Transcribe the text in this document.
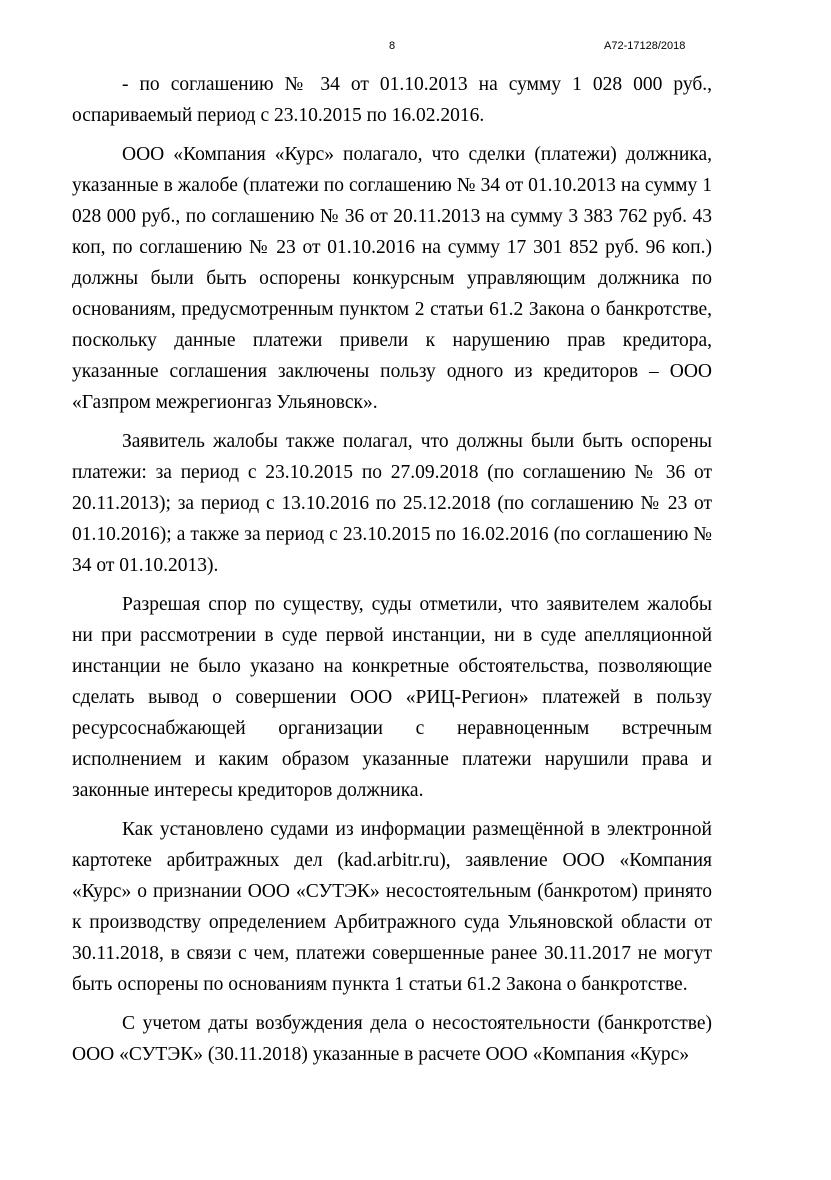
8	А72-17128/2018

- по соглашению № 34 от 01.10.2013 на сумму 1 028 000 руб., оспариваемый период с 23.10.2015 по 16.02.2016.

ООО «Компания «Курс» полагало, что сделки (платежи) должника, указанные в жалобе (платежи по соглашению № 34 от 01.10.2013 на сумму 1 028 000 руб., по соглашению № 36 от 20.11.2013 на сумму 3 383 762 руб. 43 коп, по соглашению № 23 от 01.10.2016 на сумму 17 301 852 руб. 96 коп.) должны были быть оспорены конкурсным управляющим должника по основаниям, предусмотренным пунктом 2 статьи 61.2 Закона о банкротстве, поскольку данные платежи привели к нарушению прав кредитора, указанные соглашения заключены пользу одного из кредиторов – ООО «Газпром межрегионгаз Ульяновск».

Заявитель жалобы также полагал, что должны были быть оспорены платежи: за период с 23.10.2015 по 27.09.2018 (по соглашению № 36 от 20.11.2013); за период с 13.10.2016 по 25.12.2018 (по соглашению № 23 от 01.10.2016); а также за период с 23.10.2015 по 16.02.2016 (по соглашению № 34 от 01.10.2013).

Разрешая спор по существу, суды отметили, что заявителем жалобы ни при рассмотрении в суде первой инстанции, ни в суде апелляционной инстанции не было указано на конкретные обстоятельства, позволяющие сделать вывод о совершении ООО «РИЦ-Регион» платежей в пользу ресурсоснабжающей организации с неравноценным встречным исполнением и каким образом указанные платежи нарушили права и законные интересы кредиторов должника.

Как установлено судами из информации размещённой в электронной картотеке арбитражных дел (kad.arbitr.ru), заявление ООО «Компания «Курс» о признании ООО «СУТЭК» несостоятельным (банкротом) принято к производству определением Арбитражного суда Ульяновской области от 30.11.2018, в связи с чем, платежи совершенные ранее 30.11.2017 не могут быть оспорены по основаниям пункта 1 статьи 61.2 Закона о банкротстве.

С учетом даты возбуждения дела о несостоятельности (банкротстве) ООО «СУТЭК» (30.11.2018) указанные в расчете ООО «Компания «Курс»
